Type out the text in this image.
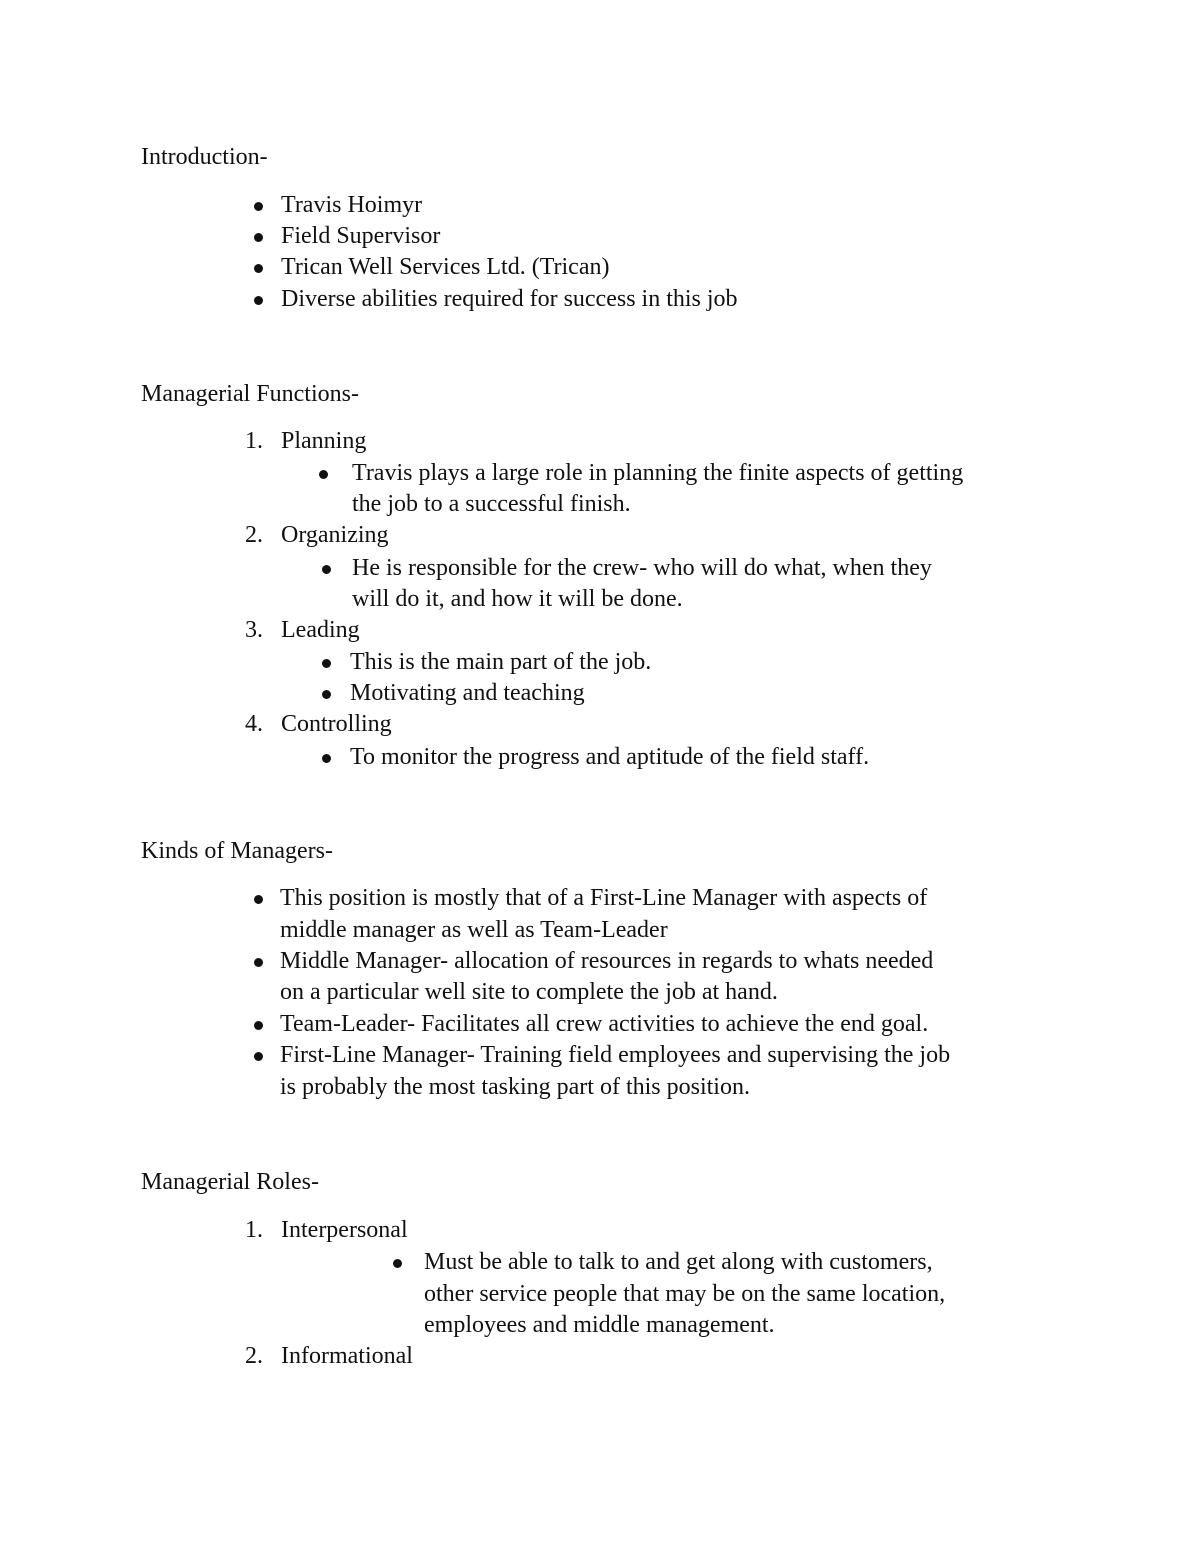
Introduction-

Travis Hoimyr

Field Supervisor

Trican Well Services Ltd. (Trican)

Diverse abilities required for success in this job

Managerial Functions-

1. Planning

Travis plays a large role in planning the finite aspects of getting

the job to a successful finish.

2. Organizing

He is responsible for the crew- who will do what, when they

will do it, and how it will be done.

3. Leading

This is the main part of the job.

Motivating and teaching

4. Controlling

To monitor the progress and aptitude of the field staff.

Kinds of Managers-

This position is mostly that of a First-Line Manager with aspects of

middle manager as well as Team-Leader

Middle Manager- allocation of resources in regards to whats needed

on a particular well site to complete the job at hand.

Team-Leader- Facilitates all crew activities to achieve the end goal.

First-Line Manager- Training field employees and supervising the job

is probably the most tasking part of this position.

Managerial Roles-

1. Interpersonal

Must be able to talk to and get along with customers,

other service people that may be on the same location,

employees and middle management.

2. Informational
